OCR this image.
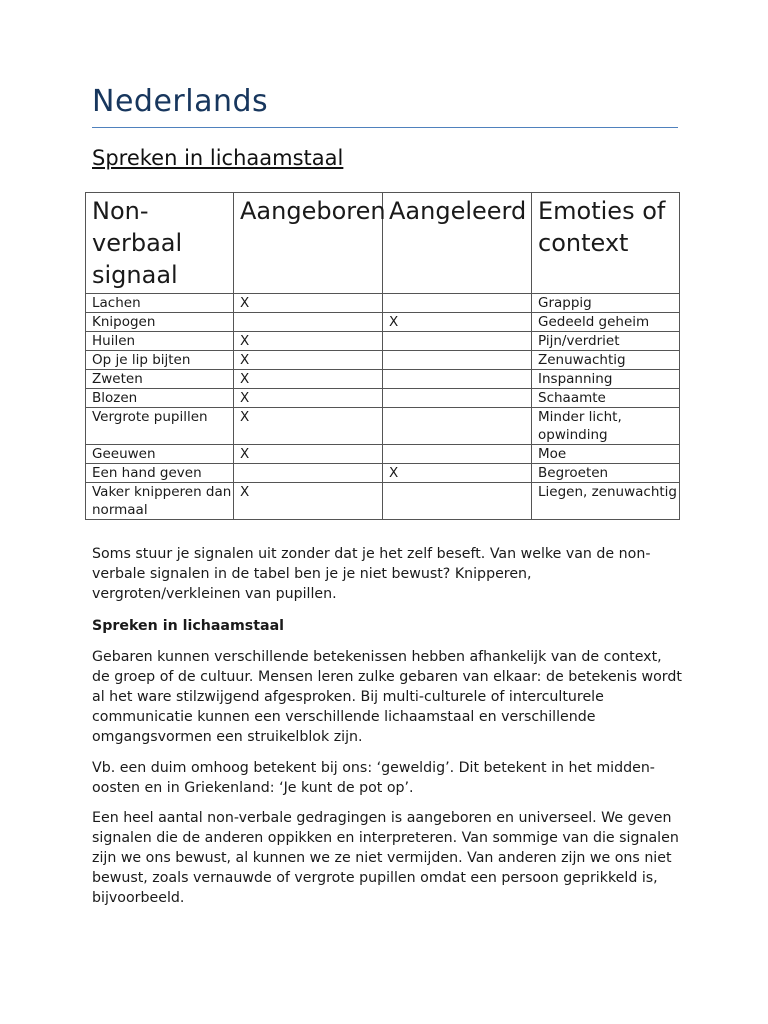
Nederlands
Spreken in lichaamstaal
Non-verbaal signaal	Aangeboren	Aangeleerd	Emoties of context
Lachen	X		Grappig
Knipogen		X	Gedeeld geheim
Huilen	X		Pijn/verdriet
Op je lip bijten	X		Zenuwachtig
Zweten	X		Inspanning
Blozen	X		Schaamte
Vergrote pupillen	X		Minder licht, opwinding
Geeuwen	X		Moe
Een hand geven		X	Begroeten
Vaker knipperen dan normaal	X		Liegen, zenuwachtig

Soms stuur je signalen uit zonder dat je het zelf beseft. Van welke van de non-verbale signalen in de tabel ben je je niet bewust? Knipperen, vergroten/verkleinen van pupillen.

Spreken in lichaamstaal

Gebaren kunnen verschillende betekenissen hebben afhankelijk van de context, de groep of de cultuur. Mensen leren zulke gebaren van elkaar: de betekenis wordt al het ware stilzwijgend afgesproken. Bij multi-culturele of interculturele communicatie kunnen een verschillende lichaamstaal en verschillende omgangsvormen een struikelblok zijn.

Vb. een duim omhoog betekent bij ons: ‘geweldig’. Dit betekent in het midden-oosten en in Griekenland: ‘Je kunt de pot op’.

Een heel aantal non-verbale gedragingen is aangeboren en universeel. We geven signalen die de anderen oppikken en interpreteren. Van sommige van die signalen zijn we ons bewust, al kunnen we ze niet vermijden. Van anderen zijn we ons niet bewust, zoals vernauwde of vergrote pupillen omdat een persoon geprikkeld is, bijvoorbeeld.
